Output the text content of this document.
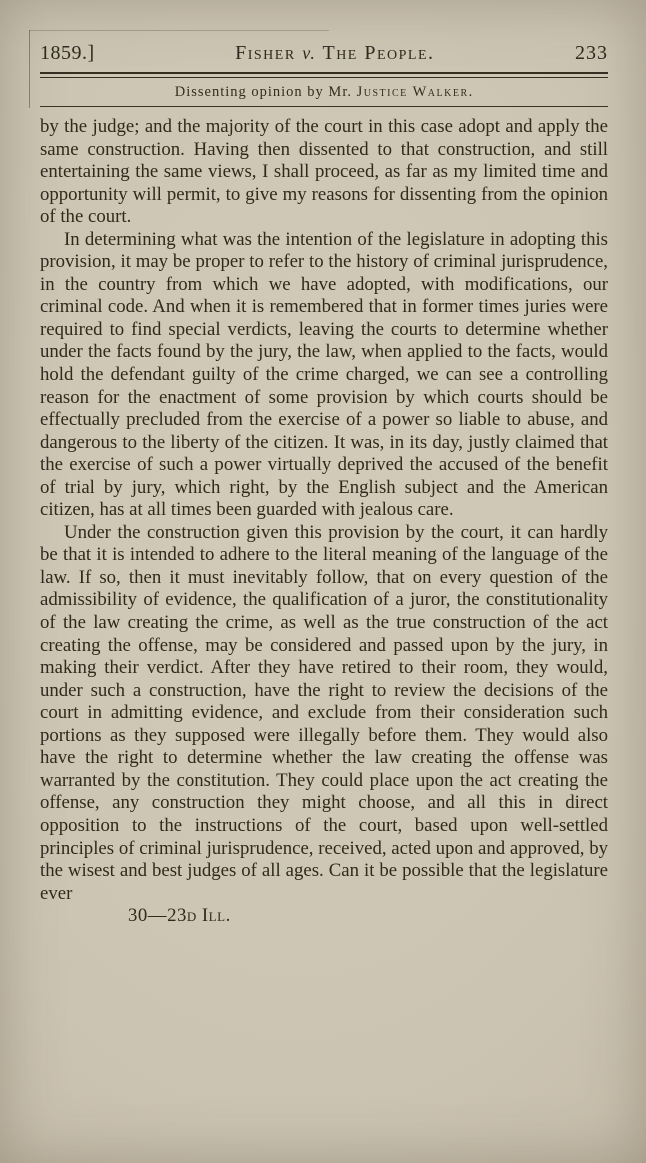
1859.]	Fisher v. The People.	233
Dissenting opinion by Mr. Justice Walker.

by the judge; and the majority of the court in this case adopt and apply the same construction. Having then dissented to that construction, and still entertaining the same views, I shall proceed, as far as my limited time and opportunity will permit, to give my reasons for dissenting from the opinion of the court.

In determining what was the intention of the legislature in adopting this provision, it may be proper to refer to the history of criminal jurisprudence, in the country from which we have adopted, with modifications, our criminal code. And when it is remembered that in former times juries were required to find special verdicts, leaving the courts to determine whether under the facts found by the jury, the law, when applied to the facts, would hold the defendant guilty of the crime charged, we can see a controlling reason for the enactment of some provision by which courts should be effectually precluded from the exercise of a power so liable to abuse, and dangerous to the liberty of the citizen. It was, in its day, justly claimed that the exercise of such a power virtually deprived the accused of the benefit of trial by jury, which right, by the English subject and the American citizen, has at all times been guarded with jealous care.

Under the construction given this provision by the court, it can hardly be that it is intended to adhere to the literal meaning of the language of the law. If so, then it must inevitably follow, that on every question of the admissibility of evidence, the qualification of a juror, the constitutionality of the law creating the crime, as well as the true construction of the act creating the offense, may be considered and passed upon by the jury, in making their verdict. After they have retired to their room, they would, under such a construction, have the right to review the decisions of the court in admitting evidence, and exclude from their consideration such portions as they supposed were illegally before them. They would also have the right to determine whether the law creating the offense was warranted by the constitution. They could place upon the act creating the offense, any construction they might choose, and all this in direct opposition to the instructions of the court, based upon well-settled principles of criminal jurisprudence, received, acted upon and approved, by the wisest and best judges of all ages. Can it be possible that the legislature ever

30—23d Ill.
